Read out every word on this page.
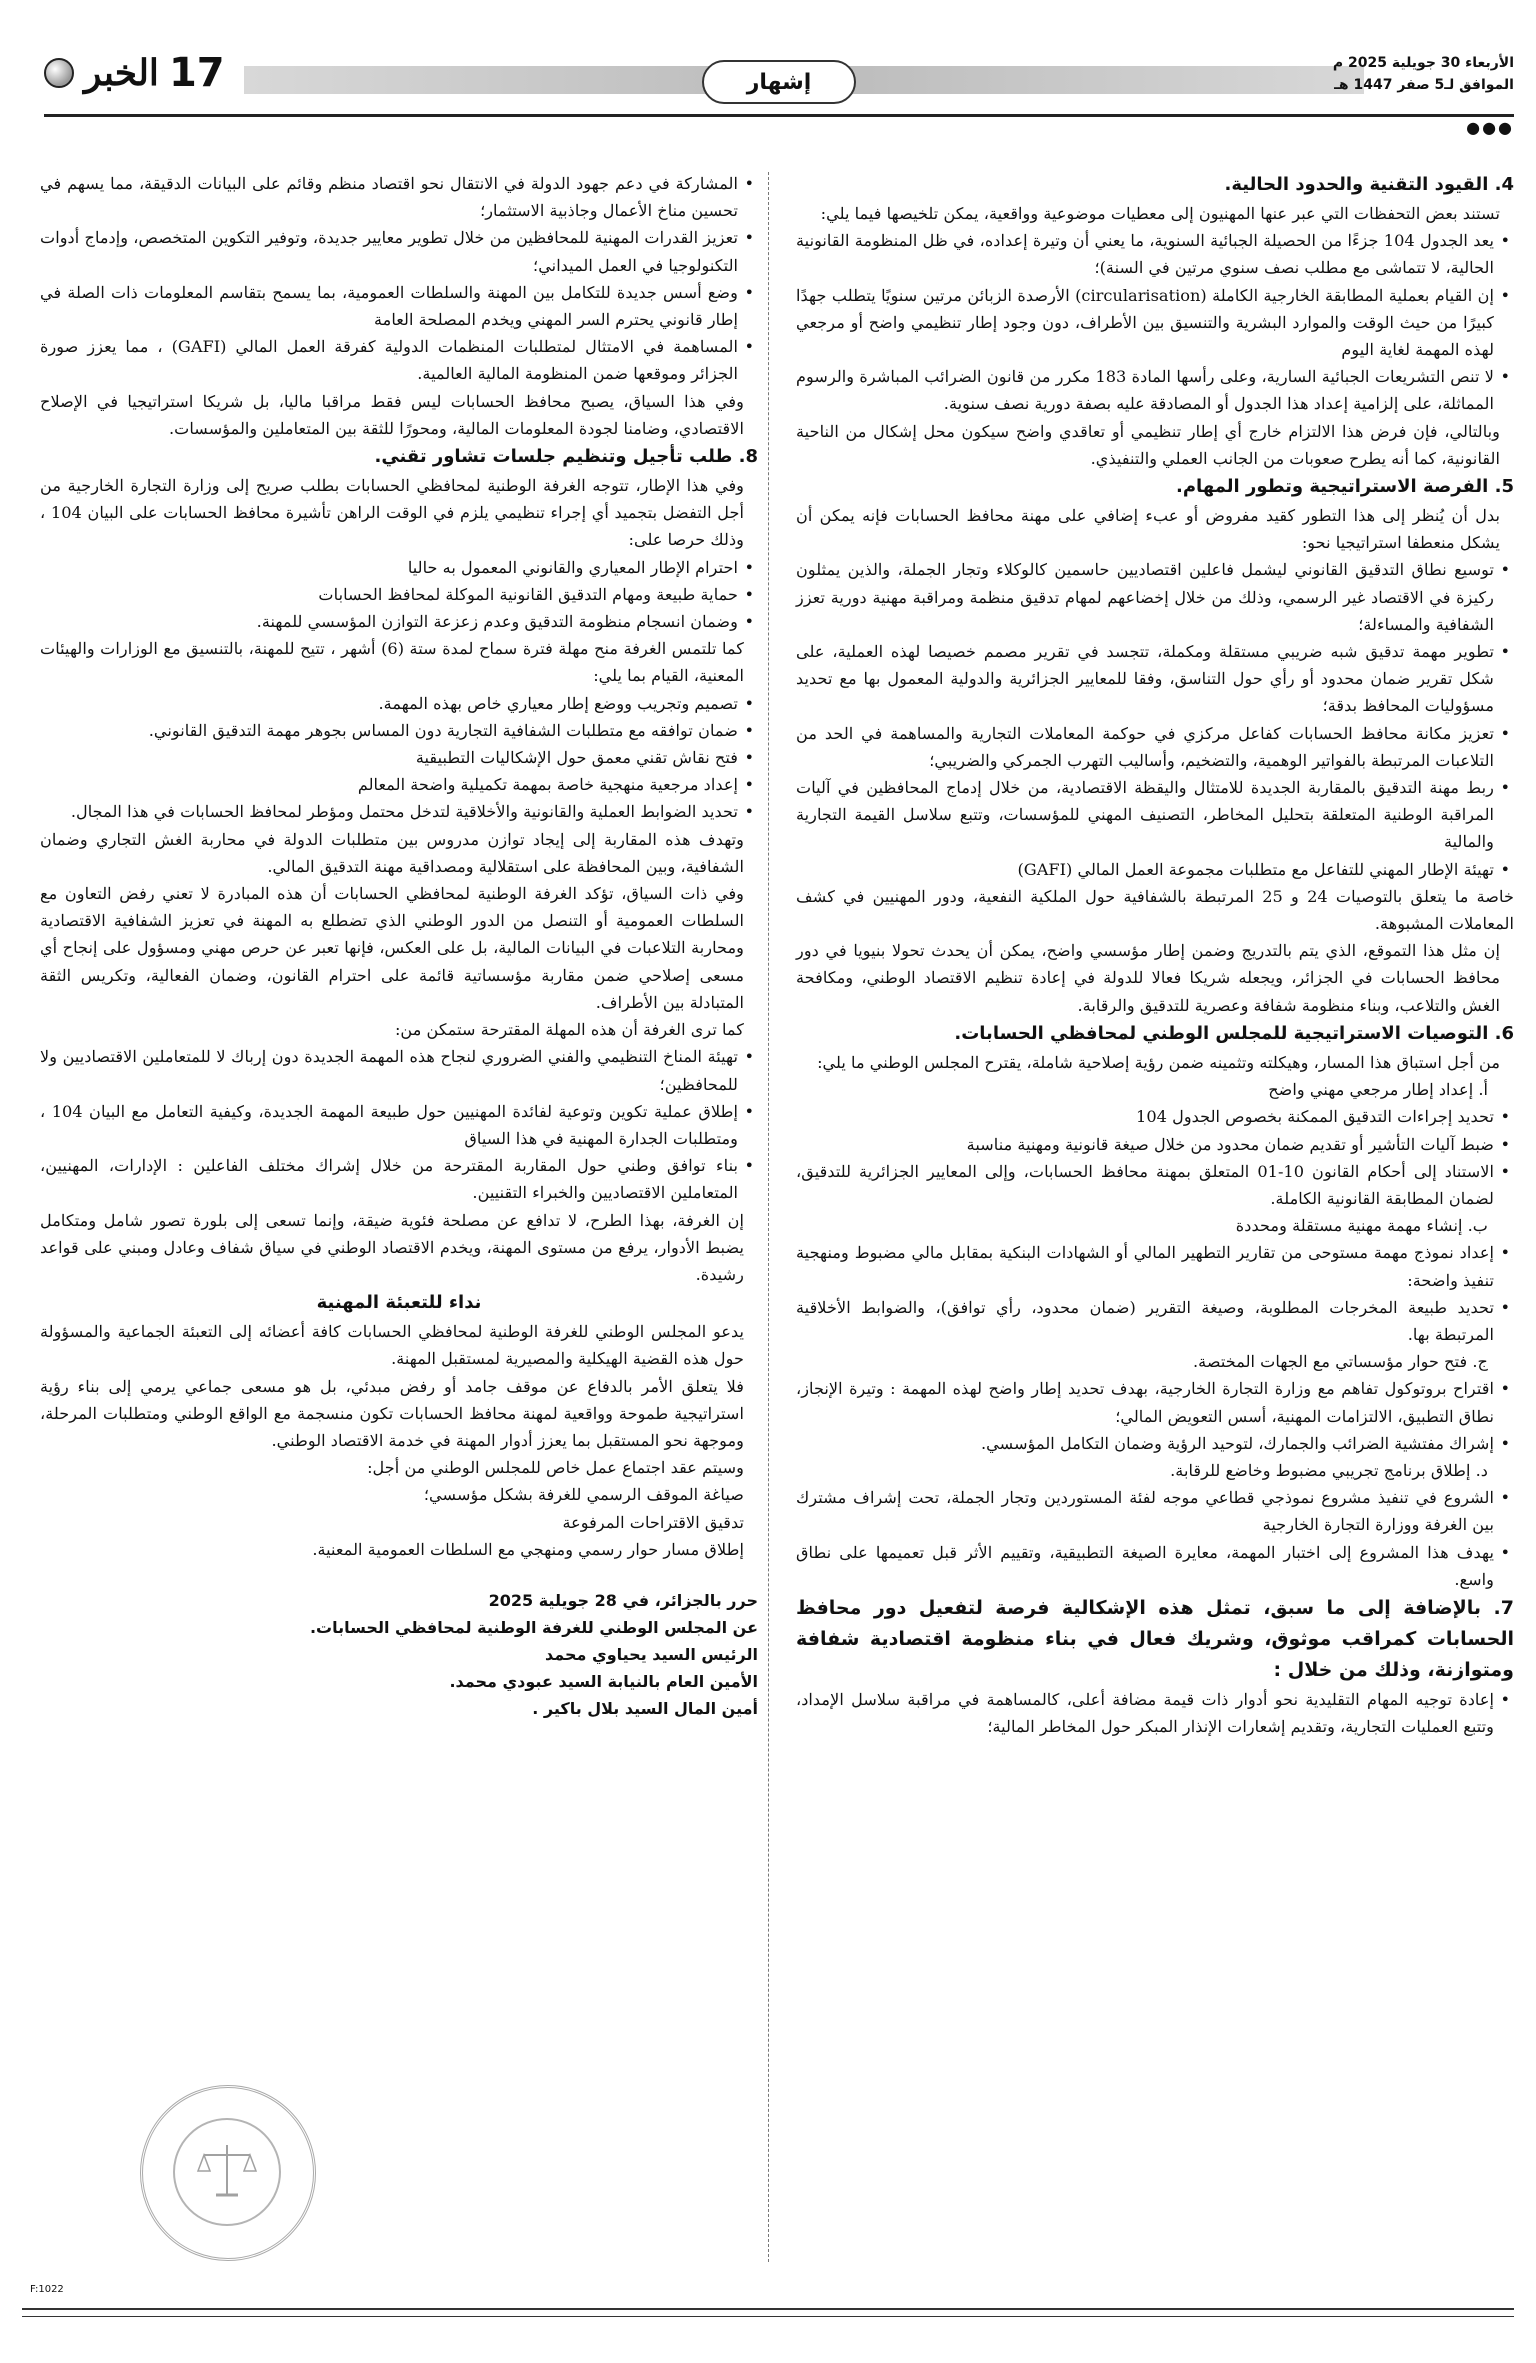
الأربعاء 30 جويلية 2025 م
الموافق لـ5 صفر 1447 هـ
إشهار
الخبر 17
●●●
4. القيود التقنية والحدود الحالية.

تستند بعض التحفظات التي عبر عنها المهنيون إلى معطيات موضوعية وواقعية، يمكن تلخيصها فيما يلي:

• يعد الجدول 104 جزءًا من الحصيلة الجبائية السنوية، ما يعني أن وتيرة إعداده، في ظل المنظومة القانونية الحالية، لا تتماشى مع مطلب نصف سنوي مرتين في السنة)؛
• إن القيام بعملية المطابقة الخارجية الكاملة (circularisation) الأرصدة الزبائن مرتين سنويًا يتطلب جهدًا كبيرًا من حيث الوقت والموارد البشرية والتنسيق بين الأطراف، دون وجود إطار تنظيمي واضح أو مرجعي لهذه المهمة لغاية اليوم
• لا تنص التشريعات الجبائية السارية، وعلى رأسها المادة 183 مكرر من قانون الضرائب المباشرة والرسوم المماثلة، على إلزامية إعداد هذا الجدول أو المصادقة عليه بصفة دورية نصف سنوية.

وبالتالي، فإن فرض هذا الالتزام خارج أي إطار تنظيمي أو تعاقدي واضح سيكون محل إشكال من الناحية القانونية، كما أنه يطرح صعوبات من الجانب العملي والتنفيذي.

5. الفرصة الاستراتيجية وتطور المهام.

بدل أن يُنظر إلى هذا التطور كقيد مفروض أو عبء إضافي على مهنة محافظ الحسابات فإنه يمكن أن يشكل منعطفا استراتيجيا نحو:

• توسيع نطاق التدقيق القانوني ليشمل فاعلين اقتصاديين حاسمين كالوكلاء وتجار الجملة، والذين يمثلون ركيزة في الاقتصاد غير الرسمي، وذلك من خلال إخضاعهم لمهام تدقيق منظمة ومراقبة مهنية دورية تعزز الشفافية والمساءلة؛
• تطوير مهمة تدقيق شبه ضريبي مستقلة ومكملة، تتجسد في تقرير مصمم خصيصا لهذه العملية، على شكل تقرير ضمان محدود أو رأي حول التناسق، وفقا للمعايير الجزائرية والدولية المعمول بها مع تحديد مسؤوليات المحافظ بدقة؛
• تعزيز مكانة محافظ الحسابات كفاعل مركزي في حوكمة المعاملات التجارية والمساهمة في الحد من التلاعبات المرتبطة بالفواتير الوهمية، والتضخيم، وأساليب التهرب الجمركي والضريبي؛
• ربط مهنة التدقيق بالمقاربة الجديدة للامتثال واليقظة الاقتصادية، من خلال إدماج المحافظين في آليات المراقبة الوطنية المتعلقة بتحليل المخاطر، التصنيف المهني للمؤسسات، وتتبع سلاسل القيمة التجارية والمالية
• تهيئة الإطار المهني للتفاعل مع متطلبات مجموعة العمل المالي (GAFI)

خاصة ما يتعلق بالتوصيات 24 و 25 المرتبطة بالشفافية حول الملكية النفعية، ودور المهنيين في كشف المعاملات المشبوهة.

إن مثل هذا التموقع، الذي يتم بالتدريج وضمن إطار مؤسسي واضح، يمكن أن يحدث تحولا بنيويا في دور محافظ الحسابات في الجزائر، ويجعله شريكا فعالا للدولة في إعادة تنظيم الاقتصاد الوطني، ومكافحة الغش والتلاعب، وبناء منظومة شفافة وعصرية للتدقيق والرقابة.

6. التوصيات الاستراتيجية للمجلس الوطني لمحافظي الحسابات.

من أجل استباق هذا المسار، وهيكلته وتثمينه ضمن رؤية إصلاحية شاملة، يقترح المجلس الوطني ما يلي:

أ. إعداد إطار مرجعي مهني واضح

• تحديد إجراءات التدقيق الممكنة بخصوص الجدول 104
• ضبط آليات التأشير أو تقديم ضمان محدود من خلال صيغة قانونية ومهنية مناسبة
• الاستناد إلى أحكام القانون 10-01 المتعلق بمهنة محافظ الحسابات، وإلى المعايير الجزائرية للتدقيق، لضمان المطابقة القانونية الكاملة.

ب. إنشاء مهمة مهنية مستقلة ومحددة

• إعداد نموذج مهمة مستوحى من تقارير التطهير المالي أو الشهادات البنكية بمقابل مالي مضبوط ومنهجية تنفيذ واضحة:
• تحديد طبيعة المخرجات المطلوبة، وصيغة التقرير (ضمان محدود، رأي توافق)، والضوابط الأخلاقية المرتبطة بها.

ج. فتح حوار مؤسساتي مع الجهات المختصة.

• اقتراح بروتوكول تفاهم مع وزارة التجارة الخارجية، بهدف تحديد إطار واضح لهذه المهمة : وتيرة الإنجاز، نطاق التطبيق، الالتزامات المهنية، أسس التعويض المالي؛
• إشراك مفتشية الضرائب والجمارك، لتوحيد الرؤية وضمان التكامل المؤسسي.

د. إطلاق برنامج تجريبي مضبوط وخاضع للرقابة.

• الشروع في تنفيذ مشروع نموذجي قطاعي موجه لفئة المستوردين وتجار الجملة، تحت إشراف مشترك بين الغرفة ووزارة التجارة الخارجية
• يهدف هذا المشروع إلى اختبار المهمة، معايرة الصيغة التطبيقية، وتقييم الأثر قبل تعميمها على نطاق واسع.
7. بالإضافة إلى ما سبق، تمثل هذه الإشكالية فرصة لتفعيل دور محافظ الحسابات كمراقب موثوق، وشريك فعال في بناء منظومة اقتصادية شفافة ومتوازنة، وذلك من خلال :
• إعادة توجيه المهام التقليدية نحو أدوار ذات قيمة مضافة أعلى، كالمساهمة في مراقبة سلاسل الإمداد، وتتبع العمليات التجارية، وتقديم إشعارات الإنذار المبكر حول المخاطر المالية؛
• المشاركة في دعم جهود الدولة في الانتقال نحو اقتصاد منظم وقائم على البيانات الدقيقة، مما يسهم في تحسين مناخ الأعمال وجاذبية الاستثمار؛
• تعزيز القدرات المهنية للمحافظين من خلال تطوير معايير جديدة، وتوفير التكوين المتخصص، وإدماج أدوات التكنولوجيا في العمل الميداني؛
• وضع أسس جديدة للتكامل بين المهنة والسلطات العمومية، بما يسمح بتقاسم المعلومات ذات الصلة في إطار قانوني يحترم السر المهني ويخدم المصلحة العامة
• المساهمة في الامتثال لمتطلبات المنظمات الدولية كفرقة العمل المالي (GAFI) ، مما يعزز صورة الجزائر وموقعها ضمن المنظومة المالية العالمية.

وفي هذا السياق، يصبح محافظ الحسابات ليس فقط مراقبا ماليا، بل شريكا استراتيجيا في الإصلاح الاقتصادي، وضامنا لجودة المعلومات المالية، ومحورًا للثقة بين المتعاملين والمؤسسات.

8. طلب تأجيل وتنظيم جلسات تشاور تقني.

وفي هذا الإطار، تتوجه الغرفة الوطنية لمحافظي الحسابات بطلب صريح إلى وزارة التجارة الخارجية من أجل التفضل بتجميد أي إجراء تنظيمي يلزم في الوقت الراهن تأشيرة محافظ الحسابات على البيان 104 ، وذلك حرصا على:

• احترام الإطار المعياري والقانوني المعمول به حاليا
• حماية طبيعة ومهام التدقيق القانونية الموكلة لمحافظ الحسابات
• وضمان انسجام منظومة التدقيق وعدم زعزعة التوازن المؤسسي للمهنة.

كما تلتمس الغرفة منح مهلة فترة سماح لمدة ستة (6) أشهر ، تتيح للمهنة، بالتنسيق مع الوزارات والهيئات المعنية، القيام بما يلي:

• تصميم وتجريب ووضع إطار معياري خاص بهذه المهمة.
• ضمان توافقه مع متطلبات الشفافية التجارية دون المساس بجوهر مهمة التدقيق القانوني.
• فتح نقاش تقني معمق حول الإشكاليات التطبيقية
• إعداد مرجعية منهجية خاصة بمهمة تكميلية واضحة المعالم
• تحديد الضوابط العملية والقانونية والأخلاقية لتدخل محتمل ومؤطر لمحافظ الحسابات في هذا المجال.

وتهدف هذه المقاربة إلى إيجاد توازن مدروس بين متطلبات الدولة في محاربة الغش التجاري وضمان الشفافية، وبين المحافظة على استقلالية ومصداقية مهنة التدقيق المالي.

وفي ذات السياق، تؤكد الغرفة الوطنية لمحافظي الحسابات أن هذه المبادرة لا تعني رفض التعاون مع السلطات العمومية أو التنصل من الدور الوطني الذي تضطلع به المهنة في تعزيز الشفافية الاقتصادية ومحاربة التلاعبات في البيانات المالية، بل على العكس، فإنها تعبر عن حرص مهني ومسؤول على إنجاح أي مسعى إصلاحي ضمن مقاربة مؤسساتية قائمة على احترام القانون، وضمان الفعالية، وتكريس الثقة المتبادلة بين الأطراف.

كما ترى الغرفة أن هذه المهلة المقترحة ستمكن من:

• تهيئة المناخ التنظيمي والفني الضروري لنجاح هذه المهمة الجديدة دون إرباك لا للمتعاملين الاقتصاديين ولا للمحافظين؛
• إطلاق عملية تكوين وتوعية لفائدة المهنيين حول طبيعة المهمة الجديدة، وكيفية التعامل مع البيان 104 ، ومتطلبات الجدارة المهنية في هذا السياق
• بناء توافق وطني حول المقاربة المقترحة من خلال إشراك مختلف الفاعلين : الإدارات، المهنيين، المتعاملين الاقتصاديين والخبراء التقنيين.

إن الغرفة، بهذا الطرح، لا تدافع عن مصلحة فئوية ضيقة، وإنما تسعى إلى بلورة تصور شامل ومتكامل يضبط الأدوار، يرفع من مستوى المهنة، ويخدم الاقتصاد الوطني في سياق شفاف وعادل ومبني على قواعد رشيدة.

نداء للتعبئة المهنية

يدعو المجلس الوطني للغرفة الوطنية لمحافظي الحسابات كافة أعضائه إلى التعبئة الجماعية والمسؤولة حول هذه القضية الهيكلية والمصيرية لمستقبل المهنة.

فلا يتعلق الأمر بالدفاع عن موقف جامد أو رفض مبدئي، بل هو مسعى جماعي يرمي إلى بناء رؤية استراتيجية طموحة وواقعية لمهنة محافظ الحسابات تكون منسجمة مع الواقع الوطني ومتطلبات المرحلة، وموجهة نحو المستقبل بما يعزز أدوار المهنة في خدمة الاقتصاد الوطني.

وسيتم عقد اجتماع عمل خاص للمجلس الوطني من أجل:

صياغة الموقف الرسمي للغرفة بشكل مؤسسي؛

تدقيق الاقتراحات المرفوعة

إطلاق مسار حوار رسمي ومنهجي مع السلطات العمومية المعنية.

حرر بالجزائر، في 28 جويلية 2025
عن المجلس الوطني للغرفة الوطنية لمحافظي الحسابات.
الرئيس السيد يحياوي محمد
الأمين العام بالنيابة السيد عبودي محمد.
أمين المال السيد بلال باكير .
F:1022
